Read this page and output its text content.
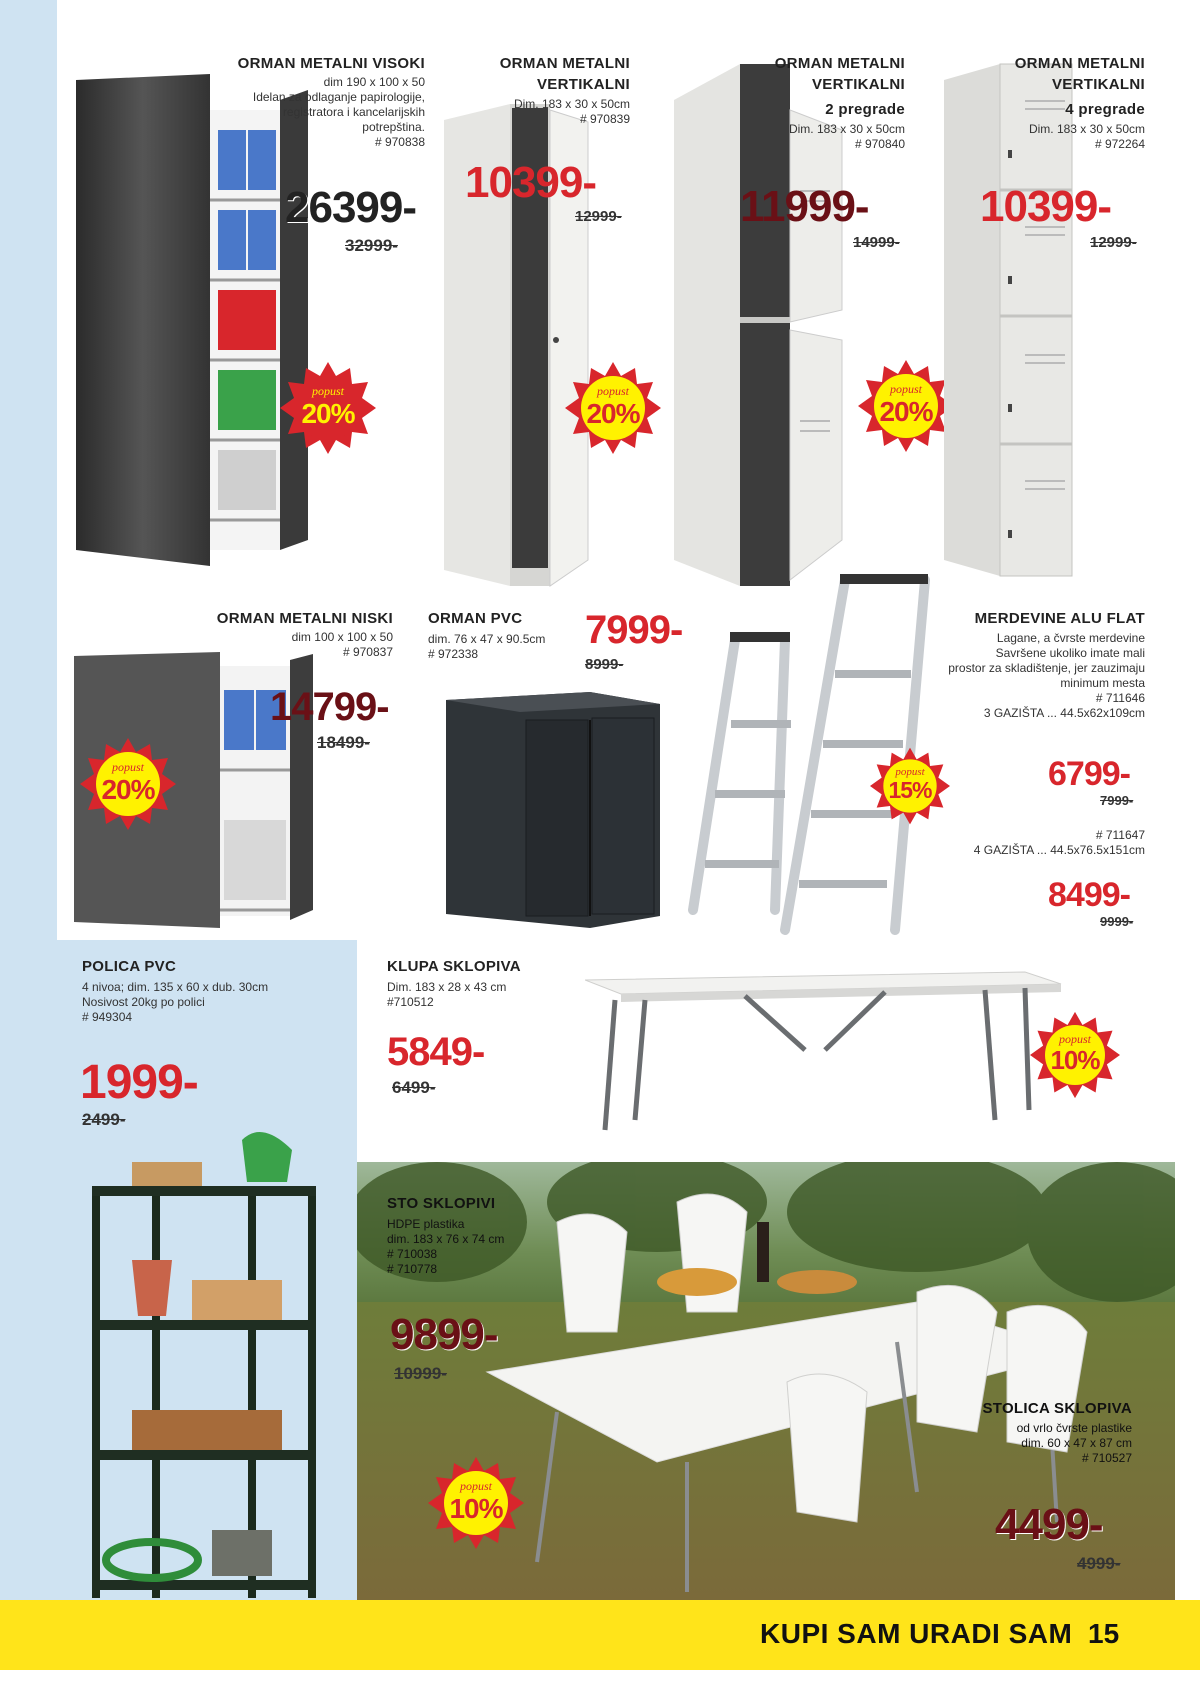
ORMAN METALNI VISOKI
dim 190 x 100 x 50
Idelan za odlaganje papirologije,
registratora i kancelarijskih
potrepština.
# 970838
26399-
32999-
popust
20%
ORMAN METALNI
VERTIKALNI
Dim. 183 x 30 x 50cm
# 970839
10399-
12999-
popust
20%
ORMAN METALNI
VERTIKALNI
2 pregrade
Dim. 183 x 30 x 50cm
# 970840
11999-
14999-
popust
20%
ORMAN METALNI
VERTIKALNI
4 pregrade
Dim. 183 x 30 x 50cm
# 972264
10399-
12999-
ORMAN METALNI NISKI
dim 100 x 100 x 50
# 970837
14799-
18499-
popust
20%
ORMAN PVC
dim. 76 x 47 x 90.5cm
# 972338
7999-
8999-
MERDEVINE ALU FLAT
Lagane, a čvrste merdevine
Savršene ukoliko imate mali
prostor za skladištenje, jer zauzimaju
minimum mesta
# 711646
3 GAZIŠTA ... 44.5x62x109cm
6799-
7999-
# 711647
4 GAZIŠTA ... 44.5x76.5x151cm
8499-
9999-
popust
15%
POLICA PVC
4 nivoa; dim. 135 x 60 x dub. 30cm
Nosivost 20kg po polici
# 949304
1999-
2499-
KLUPA SKLOPIVA
Dim. 183 x 28 x 43 cm
#710512
5849-
6499-
popust
10%
STO SKLOPIVI
HDPE plastika
dim. 183 x 76 x 74 cm
# 710038
# 710778
9899-
10999-
popust
10%
STOLICA SKLOPIVA
od vrlo čvrste plastike
dim. 60 x 47 x 87 cm
# 710527
4499-
4999-
KUPI SAM URADI SAM 15
